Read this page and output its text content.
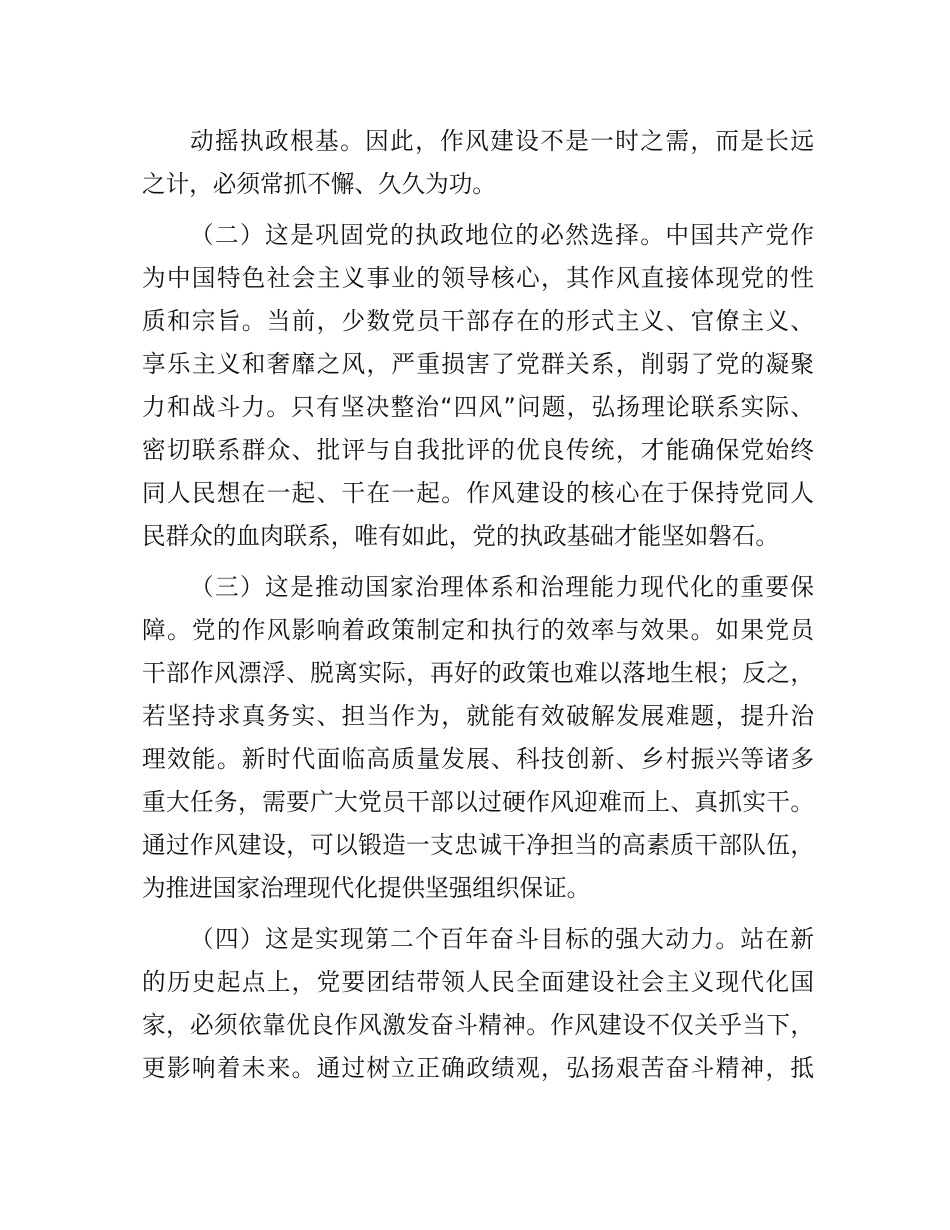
动摇执政根基。因此，作风建设不是一时之需，而是长远
之计，必须常抓不懈、久久为功。
（二）这是巩固党的执政地位的必然选择。中国共产党作
为中国特色社会主义事业的领导核心，其作风直接体现党的性
质和宗旨。当前，少数党员干部存在的形式主义、官僚主义、
享乐主义和奢靡之风，严重损害了党群关系，削弱了党的凝聚
力和战斗力。只有坚决整治“四风”问题，弘扬理论联系实际、
密切联系群众、批评与自我批评的优良传统，才能确保党始终
同人民想在一起、干在一起。作风建设的核心在于保持党同人
民群众的血肉联系，唯有如此，党的执政基础才能坚如磐石。
（三）这是推动国家治理体系和治理能力现代化的重要保
障。党的作风影响着政策制定和执行的效率与效果。如果党员
干部作风漂浮、脱离实际，再好的政策也难以落地生根；反之，
若坚持求真务实、担当作为，就能有效破解发展难题，提升治
理效能。新时代面临高质量发展、科技创新、乡村振兴等诸多
重大任务，需要广大党员干部以过硬作风迎难而上、真抓实干。
通过作风建设，可以锻造一支忠诚干净担当的高素质干部队伍，
为推进国家治理现代化提供坚强组织保证。
（四）这是实现第二个百年奋斗目标的强大动力。站在新
的历史起点上，党要团结带领人民全面建设社会主义现代化国
家，必须依靠优良作风激发奋斗精神。作风建设不仅关乎当下，
更影响着未来。通过树立正确政绩观，弘扬艰苦奋斗精神，抵
